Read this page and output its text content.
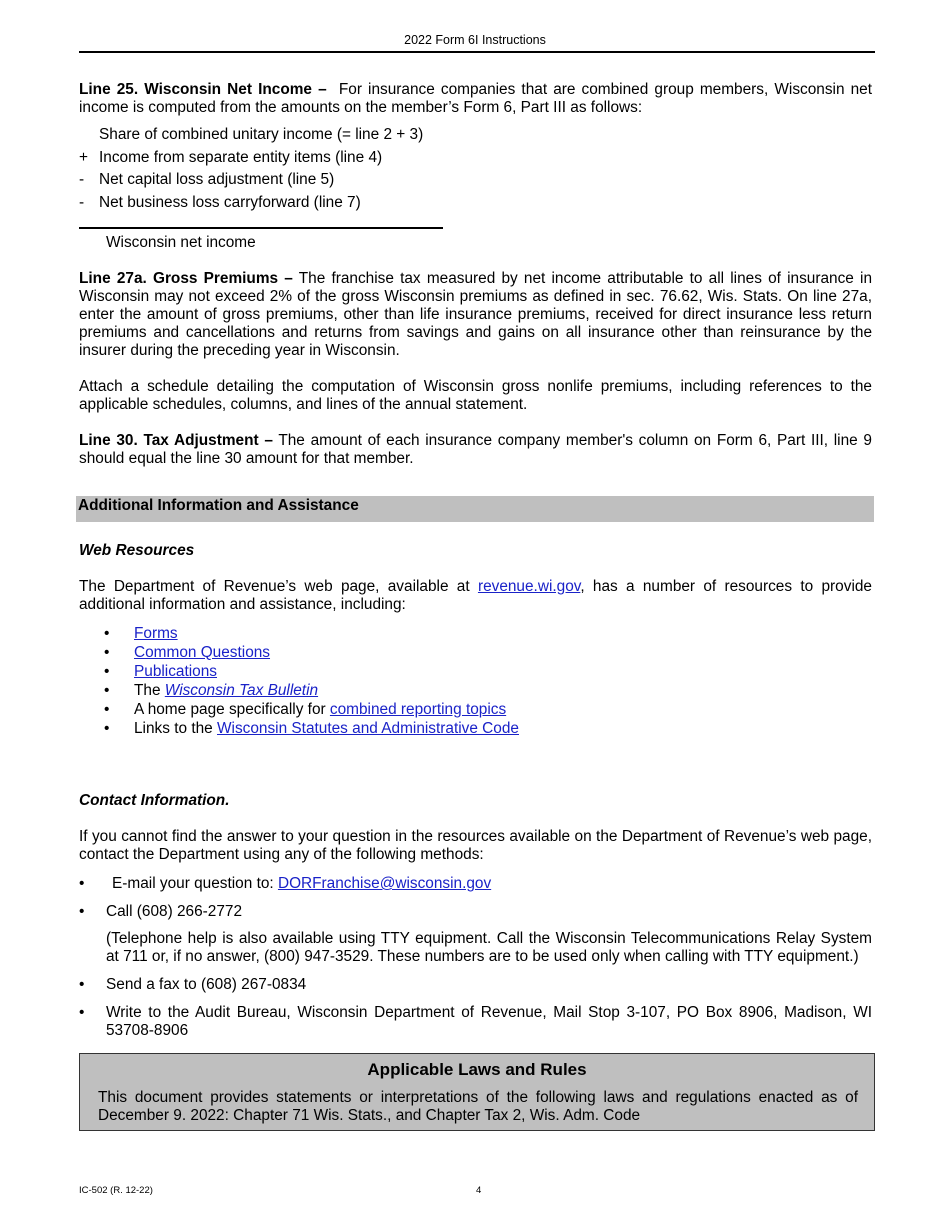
2022 Form 6I Instructions
Line 25. Wisconsin Net Income – For insurance companies that are combined group members, Wisconsin net income is computed from the amounts on the member’s Form 6, Part III as follows:
Share of combined unitary income (= line 2 + 3)
+ Income from separate entity items (line 4)
- Net capital loss adjustment (line 5)
- Net business loss carryforward (line 7)
Wisconsin net income
Line 27a. Gross Premiums – The franchise tax measured by net income attributable to all lines of insurance in Wisconsin may not exceed 2% of the gross Wisconsin premiums as defined in sec. 76.62, Wis. Stats. On line 27a, enter the amount of gross premiums, other than life insurance premiums, received for direct insurance less return premiums and cancellations and returns from savings and gains on all insurance other than reinsurance by the insurer during the preceding year in Wisconsin.
Attach a schedule detailing the computation of Wisconsin gross nonlife premiums, including references to the applicable schedules, columns, and lines of the annual statement.
Line 30. Tax Adjustment – The amount of each insurance company member's column on Form 6, Part III, line 9 should equal the line 30 amount for that member.
Additional Information and Assistance
Web Resources
The Department of Revenue’s web page, available at revenue.wi.gov, has a number of resources to provide additional information and assistance, including:
• Forms
• Common Questions
• Publications
• The Wisconsin Tax Bulletin
• A home page specifically for combined reporting topics
• Links to the Wisconsin Statutes and Administrative Code
Contact Information.
If you cannot find the answer to your question in the resources available on the Department of Revenue’s web page, contact the Department using any of the following methods:
• E-mail your question to: DORFranchise@wisconsin.gov
• Call (608) 266-2772
(Telephone help is also available using TTY equipment. Call the Wisconsin Telecommunications Relay System at 711 or, if no answer, (800) 947-3529. These numbers are to be used only when calling with TTY equipment.)
• Send a fax to (608) 267-0834
• Write to the Audit Bureau, Wisconsin Department of Revenue, Mail Stop 3-107, PO Box 8906, Madison, WI 53708-8906
Applicable Laws and Rules
This document provides statements or interpretations of the following laws and regulations enacted as of December 9. 2022: Chapter 71 Wis. Stats., and Chapter Tax 2, Wis. Adm. Code
IC-502 (R. 12-22)	4
